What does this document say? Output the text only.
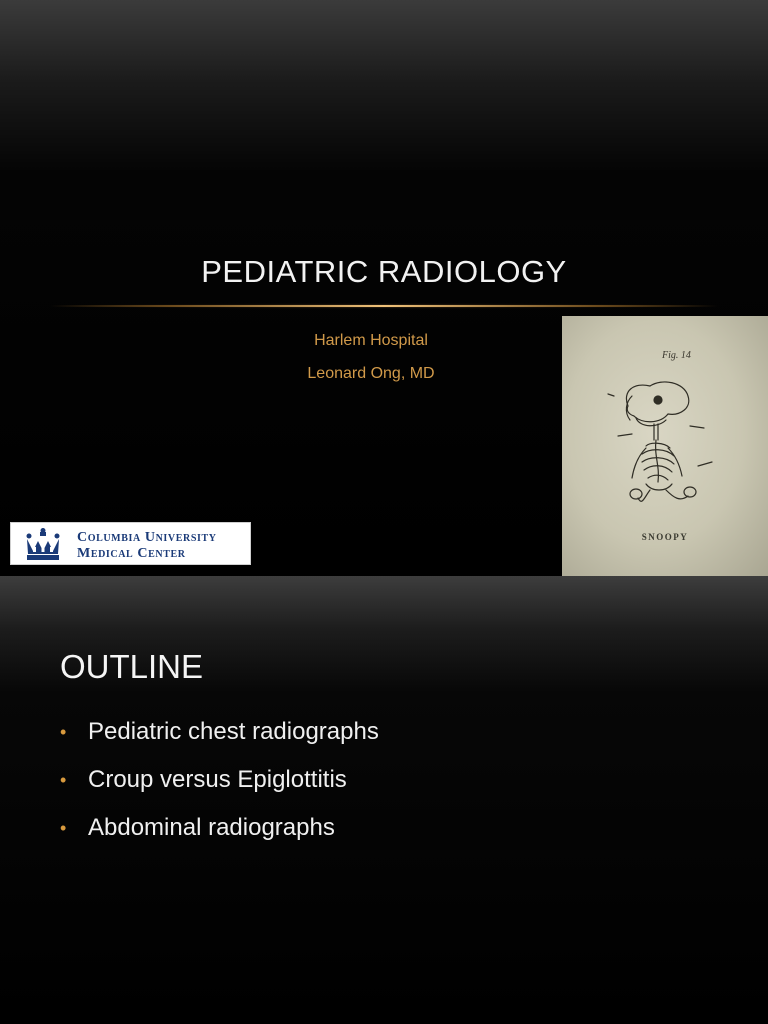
PEDIATRIC RADIOLOGY
Harlem Hospital
Leonard Ong, MD
Columbia University
Medical Center
Fig. 14
SNOOPY
OUTLINE
• Pediatric chest radiographs
• Croup versus Epiglottitis
• Abdominal radiographs
